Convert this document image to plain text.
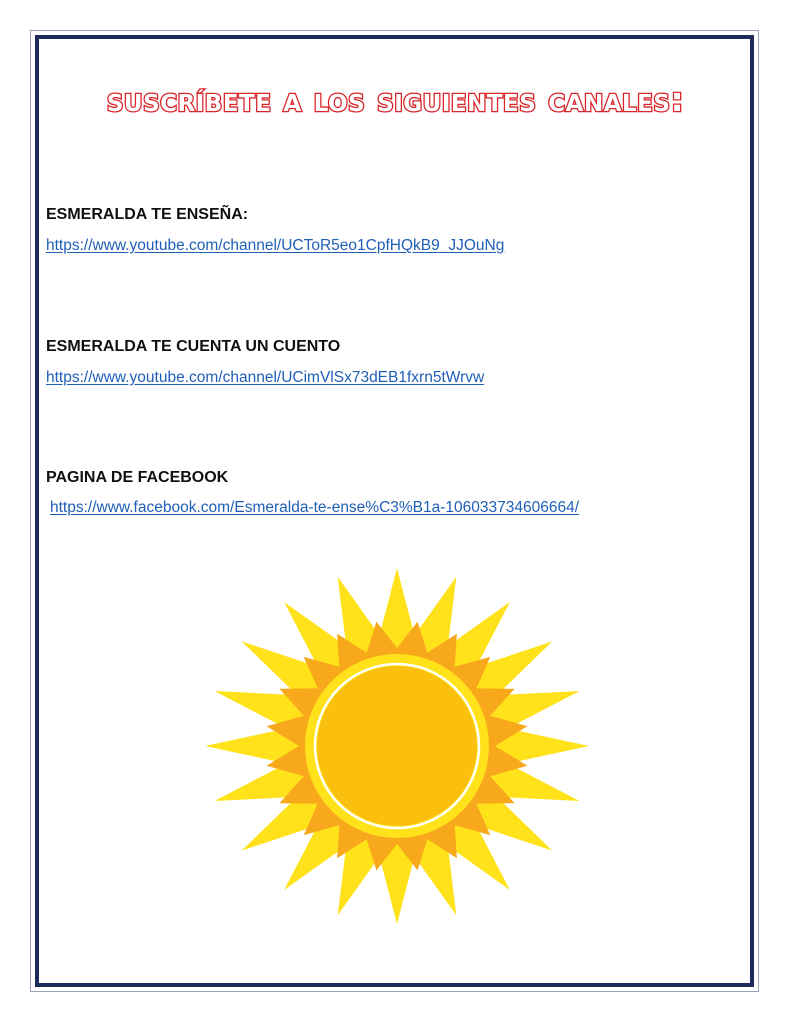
suscríbete a los siguientes canales:
ESMERALDA TE ENSEÑA:
https://www.youtube.com/channel/UCToR5eo1CpfHQkB9_JJOuNg
ESMERALDA TE CUENTA UN CUENTO
https://www.youtube.com/channel/UCimVlSx73dEB1fxrn5tWrvw
PAGINA DE FACEBOOK
https://www.facebook.com/Esmeralda-te-ense%C3%B1a-106033734606664/
